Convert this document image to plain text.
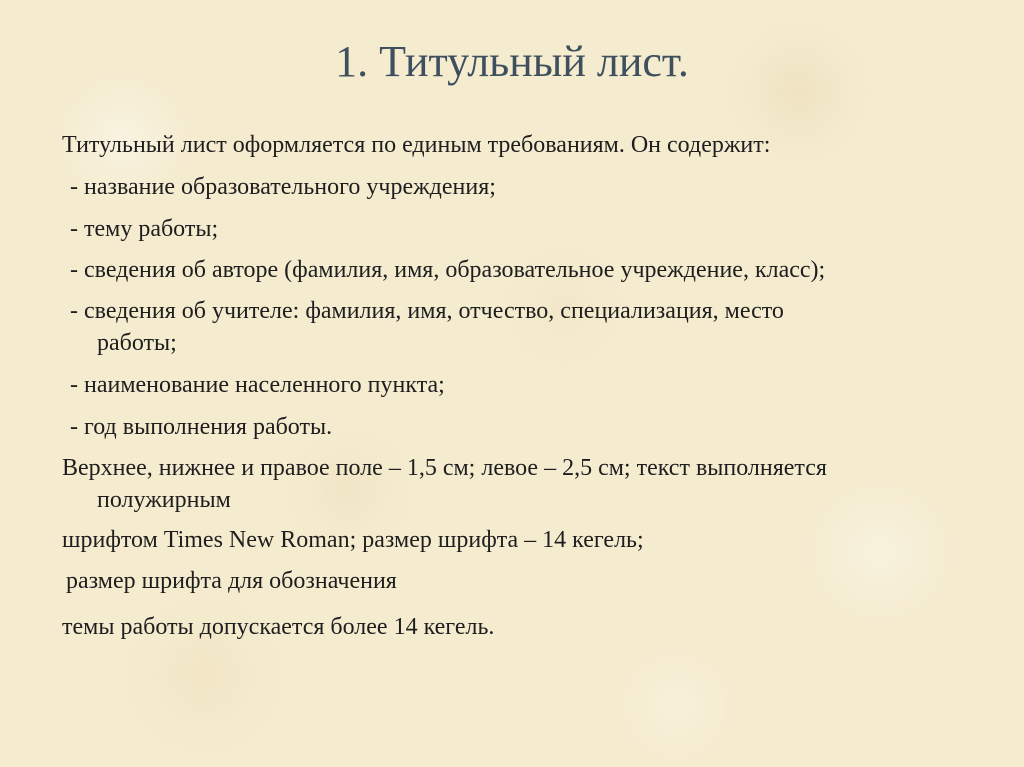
1. Титульный лист.

Титульный лист оформляется по единым требованиям. Он содержит:

- название образовательного учреждения;

- тему работы;

- сведения об авторе (фамилия, имя, образовательное учреждение, класс);

- сведения об учителе: фамилия, имя, отчество, специализация, место

работы;

- наименование населенного пункта;

- год выполнения работы.

Верхнее, нижнее и правое поле – 1,5 см; левое – 2,5 см; текст выполняется

полужирным

шрифтом Times New Roman; размер шрифта – 14 кегель;

размер шрифта для обозначения

темы работы допускается более 14 кегель.
